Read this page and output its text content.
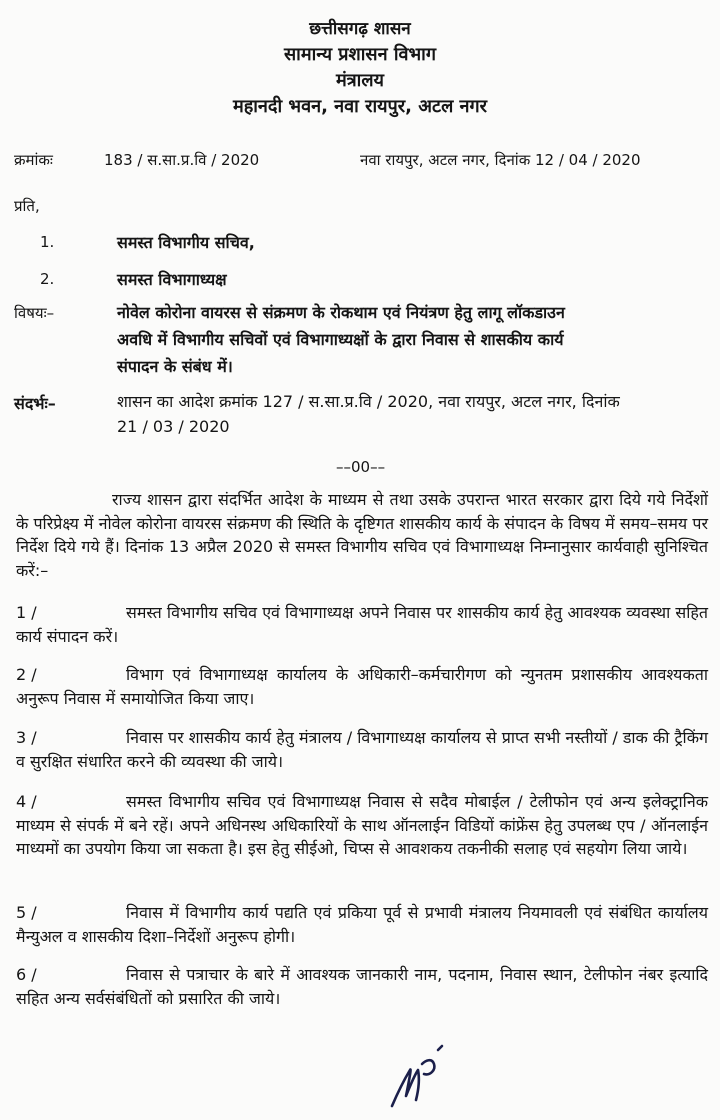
छत्तीसगढ़ शासन
सामान्य प्रशासन विभाग
मंत्रालय
महानदी भवन, नवा रायपुर, अटल नगर
क्रमांकः	183 / स.सा.प्र.वि / 2020	नवा रायपुर, अटल नगर, दिनांक 12 / 04 / 2020
प्रति,
1.	समस्त विभागीय सचिव,
2.	समस्त विभागाध्यक्ष
विषयः–	नोवेल कोरोना वायरस से संक्रमण के रोकथाम एवं नियंत्रण हेतु लागू लॉकडाउन
अवधि में विभागीय सचिवों एवं विभागाध्यक्षों के द्वारा निवास से शासकीय कार्य
संपादन के संबंध में।
संदर्भः–	शासन का आदेश क्रमांक 127 / स.सा.प्र.वि / 2020, नवा रायपुर, अटल नगर, दिनांक
21 / 03 / 2020
––00––
राज्य शासन द्वारा संदर्भित आदेश के माध्यम से तथा उसके उपरान्त भारत सरकार द्वारा दिये गये निर्देशों के परिप्रेक्ष्य में नोवेल कोरोना वायरस संक्रमण की स्थिति के दृष्टिगत शासकीय कार्य के संपादन के विषय में समय–समय पर निर्देश दिये गये हैं। दिनांक 13 अप्रैल 2020 से समस्त विभागीय सचिव एवं विभागाध्यक्ष निम्नानुसार कार्यवाही सुनिश्चित करें:–
1 /	समस्त विभागीय सचिव एवं विभागाध्यक्ष अपने निवास पर शासकीय कार्य हेतु आवश्यक व्यवस्था सहित कार्य संपादन करें।
2 /	विभाग एवं विभागाध्यक्ष कार्यालय के अधिकारी–कर्मचारीगण को न्युनतम प्रशासकीय आवश्यकता अनुरूप निवास में समायोजित किया जाए।
3 /	निवास पर शासकीय कार्य हेतु मंत्रालय / विभागाध्यक्ष कार्यालय से प्राप्त सभी नस्तीयों / डाक की ट्रैकिंग व सुरक्षित संधारित करने की व्यवस्था की जाये।
4 /	समस्त विभागीय सचिव एवं विभागाध्यक्ष निवास से सदैव मोबाईल / टेलीफोन एवं अन्य इलेक्ट्रानिक माध्यम से संपर्क में बने रहें। अपने अधिनस्थ अधिकारियों के साथ ऑनलाईन विडियों कांफ्रेंस हेतु उपलब्ध एप / ऑनलाईन माध्यमों का उपयोग किया जा सकता है। इस हेतु सीईओ, चिप्स से आवशकय तकनीकी सलाह एवं सहयोग लिया जाये।
5 /	निवास में विभागीय कार्य पद्यति एवं प्रकिया पूर्व से प्रभावी मंत्रालय नियमावली एवं संबंधित कार्यालय मैन्युअल व शासकीय दिशा–निर्देशों अनुरूप होगी।
6 /	निवास से पत्राचार के बारे में आवश्यक जानकारी नाम, पदनाम, निवास स्थान, टेलीफोन नंबर इत्यादि सहित अन्य सर्वसंबंधितों को प्रसारित की जाये।
